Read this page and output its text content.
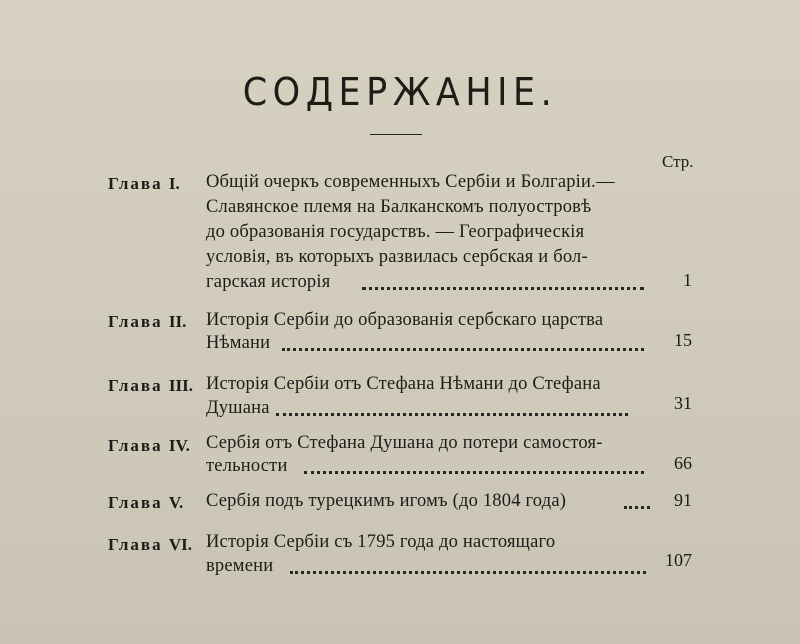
СОДЕРЖАНІЕ.
Стр.
Глава I. Общій очеркъ современныхъ Сербіи и Болгаріи.—
Славянское племя на Балканскомъ полуостровѣ
до образованія государствъ. — Географическія
условія, въ которыхъ развилась сербская и бол-
гарская исторія	1
Глава II. Исторія Сербіи до образованія сербскаго царства
Нѣмани	15
Глава III. Исторія Сербіи отъ Стефана Нѣмани до Стефана
Душана	31
Глава IV. Сербія отъ Стефана Душана до потери самостоя-
тельности	66
Глава V. Сербія подъ турецкимъ игомъ (до 1804 года)	91
Глава VI. Исторія Сербіи съ 1795 года до настоящаго
времени	107
